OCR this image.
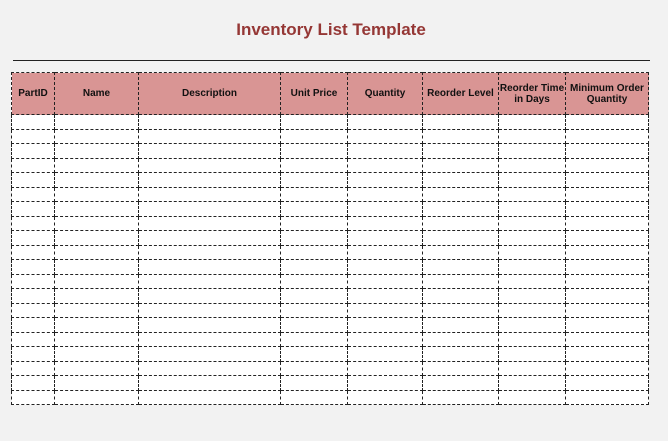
Inventory List Template
PartID	Name	Description	Unit Price	Quantity	Reorder Level	Reorder Time in Days	Minimum Order Quantity
